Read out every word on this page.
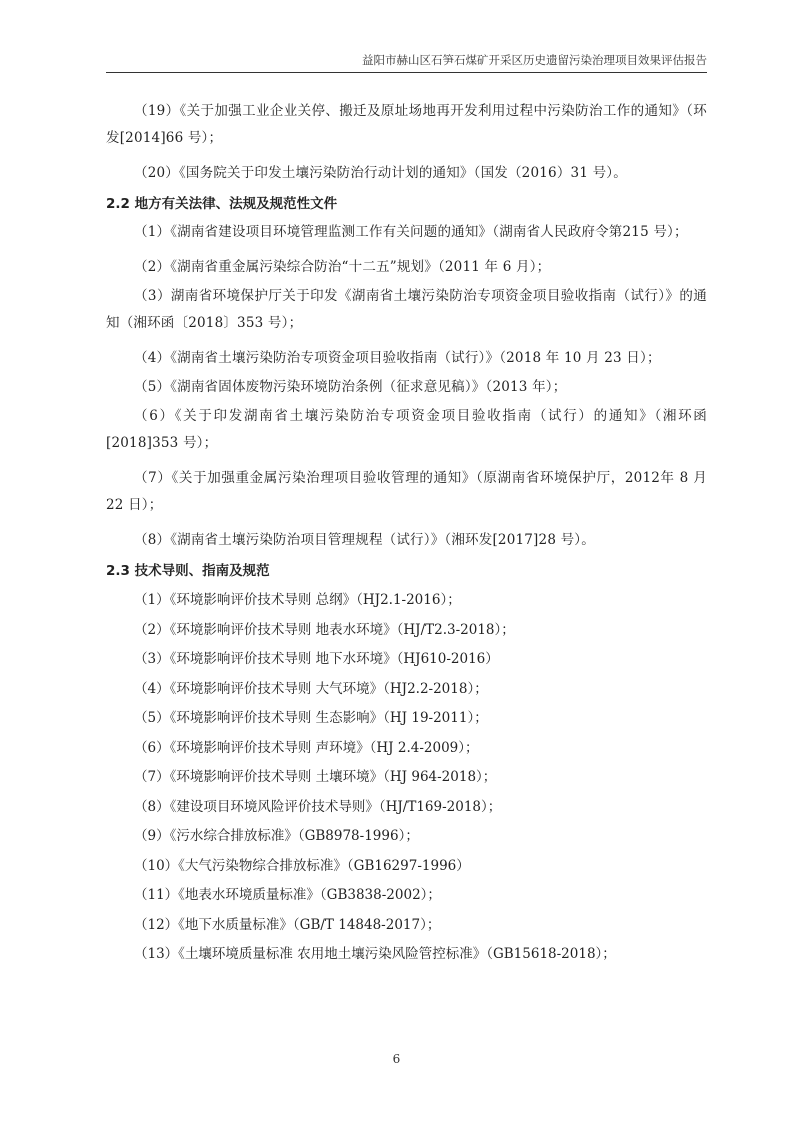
益阳市赫山区石笋石煤矿开采区历史遗留污染治理项目效果评估报告

（19）《关于加强工业企业关停、搬迁及原址场地再开发利用过程中污染防治工作的通知》（环发[2014]66 号）；

（20）《国务院关于印发土壤污染防治行动计划的通知》（国发（2016）31 号）。

2.2 地方有关法律、法规及规范性文件

（1）《湖南省建设项目环境管理监测工作有关问题的通知》（湖南省人民政府令第215 号）；

（2）《湖南省重金属污染综合防治“十二五”规划》（2011 年 6 月）；

（3）湖南省环境保护厅关于印发《湖南省土壤污染防治专项资金项目验收指南（试行）》的通知（湘环函〔2018〕353 号）；

（4）《湖南省土壤污染防治专项资金项目验收指南（试行）》（2018 年 10 月 23 日）；

（5）《湖南省固体废物污染环境防治条例（征求意见稿）》（2013 年）；

（6）《关于印发湖南省土壤污染防治专项资金项目验收指南（试行）的通知》（湘环函[2018]353 号）；

（7）《关于加强重金属污染治理项目验收管理的通知》（原湖南省环境保护厅，2012年 8 月 22 日）；

（8）《湖南省土壤污染防治项目管理规程（试行）》（湘环发[2017]28 号）。

2.3 技术导则、指南及规范

（1）《环境影响评价技术导则 总纲》（HJ2.1-2016）；

（2）《环境影响评价技术导则 地表水环境》（HJ/T2.3-2018）；

（3）《环境影响评价技术导则 地下水环境》（HJ610-2016）

（4）《环境影响评价技术导则 大气环境》（HJ2.2-2018）；

（5）《环境影响评价技术导则 生态影响》（HJ 19-2011）；

（6）《环境影响评价技术导则 声环境》（HJ 2.4-2009）；

（7）《环境影响评价技术导则 土壤环境》（HJ 964-2018）；

（8）《建设项目环境风险评价技术导则》（HJ/T169-2018）；

（9）《污水综合排放标准》（GB8978-1996）；

（10）《大气污染物综合排放标准》（GB16297-1996）

（11）《地表水环境质量标准》（GB3838-2002）；

（12）《地下水质量标准》（GB/T 14848-2017）；

（13）《土壤环境质量标准 农用地土壤污染风险管控标准》（GB15618-2018）；

6
